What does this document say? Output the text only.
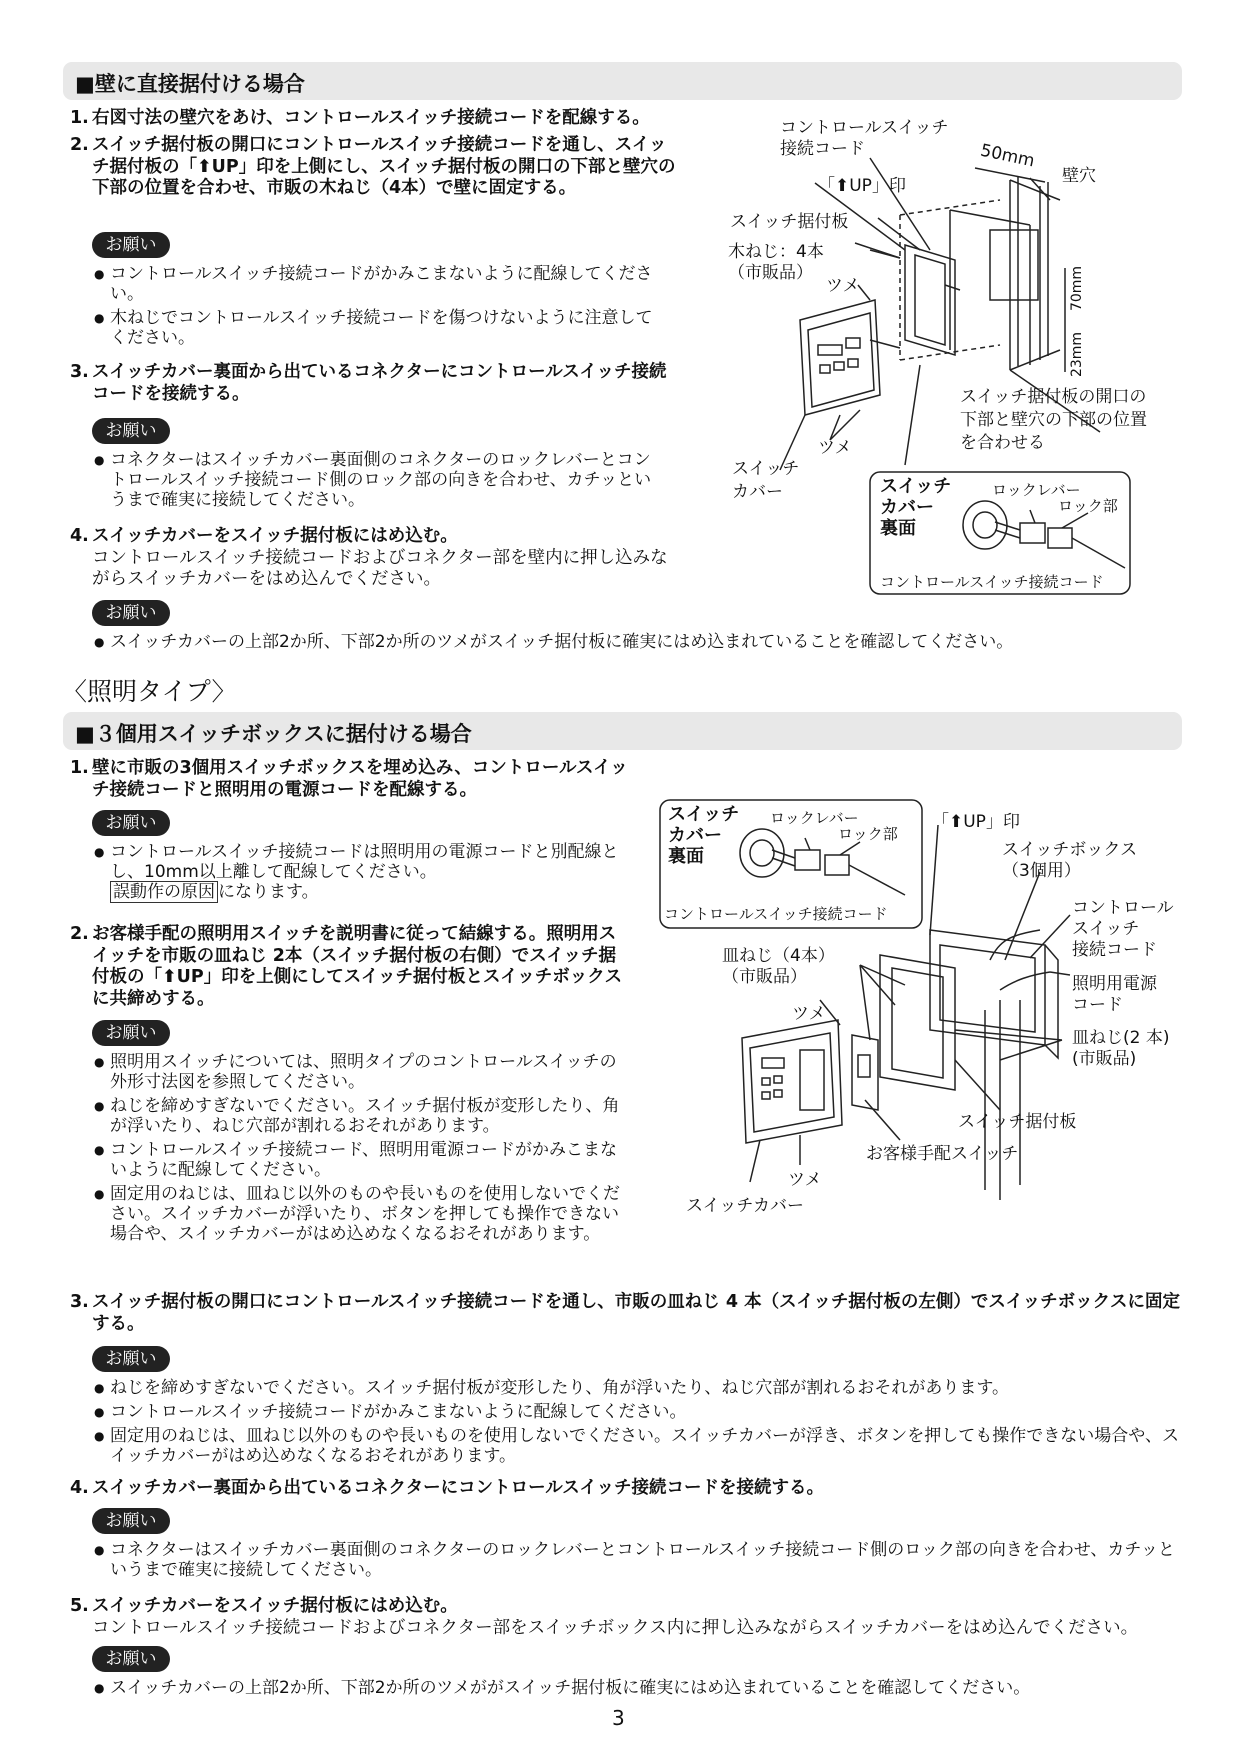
■壁に直接据付ける場合
1. 右図寸法の壁穴をあけ、コントロールスイッチ接続コードを配線する。
2. スイッチ据付板の開口にコントロールスイッチ接続コードを通し、スイッチ据付板の「⬆UP」印を上側にし、スイッチ据付板の開口の下部と壁穴の下部の位置を合わせ、市販の木ねじ（4本）で壁に固定する。
お願い
● コントロールスイッチ接続コードがかみこまないように配線してください。
● 木ねじでコントロールスイッチ接続コードを傷つけないように注意してください。
3. スイッチカバー裏面から出ているコネクターにコントロールスイッチ接続コードを接続する。
お願い
● コネクターはスイッチカバー裏面側のコネクターのロックレバーとコントロールスイッチ接続コード側のロック部の向きを合わせ、カチッというまで確実に接続してください。
4. スイッチカバーをスイッチ据付板にはめ込む。
コントロールスイッチ接続コードおよびコネクター部を壁内に押し込みながらスイッチカバーをはめ込んでください。
お願い
● スイッチカバーの上部2か所、下部2か所のツメがスイッチ据付板に確実にはめ込まれていることを確認してください。
コントロールスイッチ
接続コード	50mm
壁穴
「⬆UP」印
スイッチ据付板
木ねじ：4本
（市販品）
ツメ	70mm
23mm
スイッチ据付板の開口の
下部と壁穴の下部の位置
を合わせる
ツメ
スイッチ
カバー	スイッチ
カバー
裏面
ロックレバー
ロック部
コントロールスイッチ接続コード
〈照明タイプ〉
■３個用スイッチボックスに据付ける場合
1. 壁に市販の3個用スイッチボックスを埋め込み、コントロールスイッチ接続コードと照明用の電源コードを配線する。
お願い
● コントロールスイッチ接続コードは照明用の電源コードと別配線とし、10mm以上離して配線してください。
誤動作の原因 になります。
2. お客様手配の照明用スイッチを説明書に従って結線する。照明用スイッチを市販の皿ねじ 2本（スイッチ据付板の右側）でスイッチ据付板の「⬆UP」印を上側にしてスイッチ据付板とスイッチボックスに共締めする。
お願い
● 照明用スイッチについては、照明タイプのコントロールスイッチの外形寸法図を参照してください。
● ねじを締めすぎないでください。スイッチ据付板が変形したり、角が浮いたり、ねじ穴部が割れるおそれがあります。
● コントロールスイッチ接続コード、照明用電源コードがかみこまないように配線してください。
● 固定用のねじは、皿ねじ以外のものや長いものを使用しないでください。スイッチカバーが浮いたり、ボタンを押しても操作できない場合や、スイッチカバーがはめ込めなくなるおそれがあります。
3. スイッチ据付板の開口にコントロールスイッチ接続コードを通し、市販の皿ねじ 4 本（スイッチ据付板の左側）でスイッチボックスに固定する。
お願い
● ねじを締めすぎないでください。スイッチ据付板が変形したり、角が浮いたり、ねじ穴部が割れるおそれがあります。
● コントロールスイッチ接続コードがかみこまないように配線してください。
● 固定用のねじは、皿ねじ以外のものや長いものを使用しないでください。スイッチカバーが浮き、ボタンを押しても操作できない場合や、スイッチカバーがはめ込めなくなるおそれがあります。
4. スイッチカバー裏面から出ているコネクターにコントロールスイッチ接続コードを接続する。
お願い
● コネクターはスイッチカバー裏面側のコネクターのロックレバーとコントロールスイッチ接続コード側のロック部の向きを合わせ、カチッというまで確実に接続してください。
5. スイッチカバーをスイッチ据付板にはめ込む。
コントロールスイッチ接続コードおよびコネクター部をスイッチボックス内に押し込みながらスイッチカバーをはめ込んでください。
お願い
● スイッチカバーの上部2か所、下部2か所のツメががスイッチ据付板に確実にはめ込まれていることを確認してください。
スイッチ
カバー
裏面
ロックレバー
ロック部
コントロールスイッチ接続コード
「⬆UP」印
スイッチボックス
（3個用）
コントロール
スイッチ
接続コード
照明用電源
コード
皿ねじ（4本）
（市販品）
皿ねじ(2 本)
(市販品)
ツメ
スイッチ据付板
お客様手配スイッチ
ツメ
スイッチカバー
3
